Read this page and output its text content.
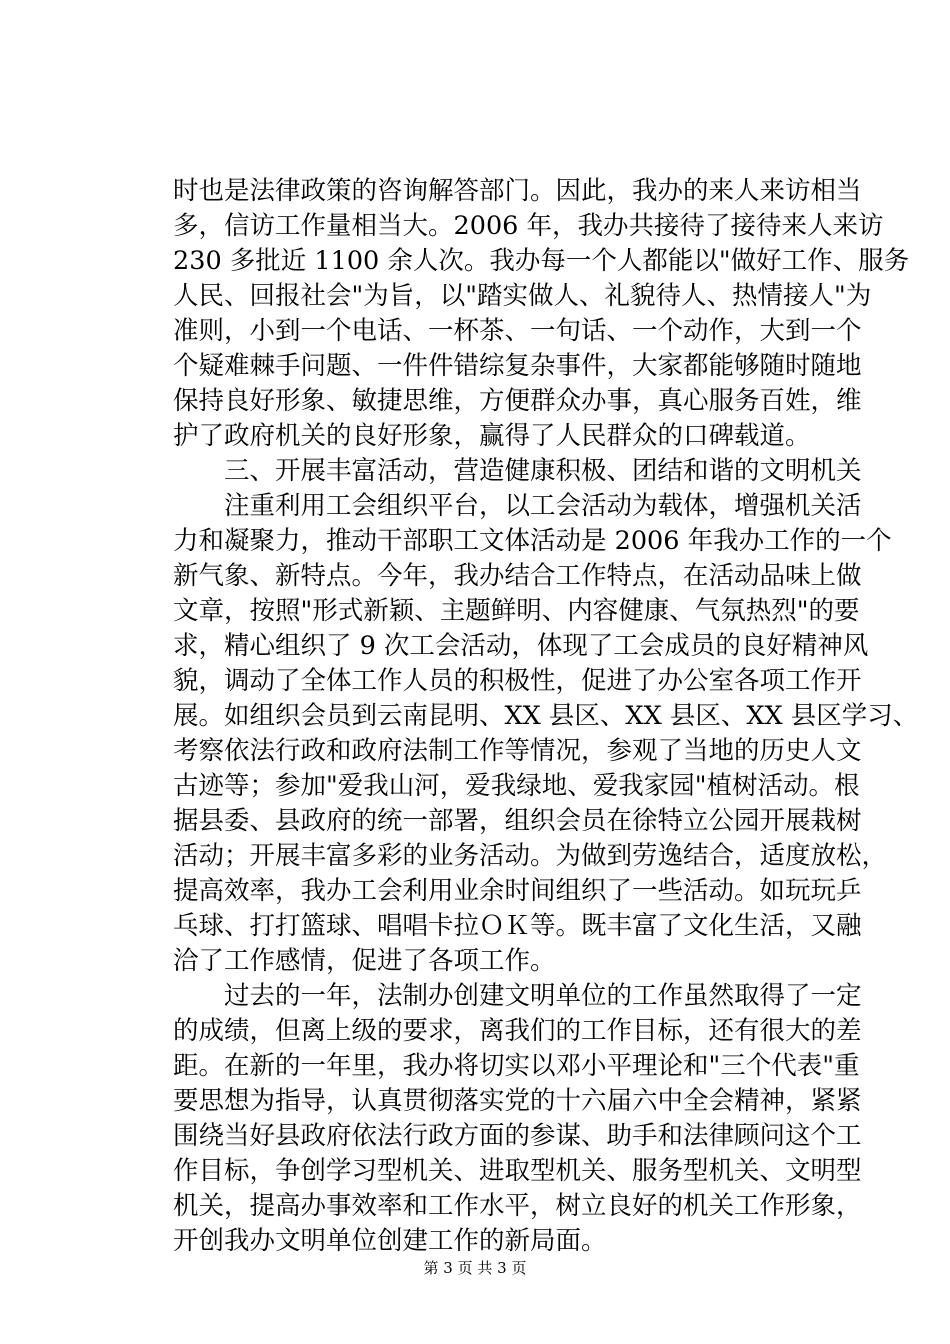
时也是法律政策的咨询解答部门。因此，我办的来人来访相当
多，信访工作量相当大。2006 年，我办共接待了接待来人来访
230 多批近 1100 余人次。我办每一个人都能以"做好工作、服务
人民、回报社会"为旨，以"踏实做人、礼貌待人、热情接人"为
准则，小到一个电话、一杯茶、一句话、一个动作，大到一个
个疑难棘手问题、一件件错综复杂事件，大家都能够随时随地
保持良好形象、敏捷思维，方便群众办事，真心服务百姓，维
护了政府机关的良好形象，赢得了人民群众的口碑载道。
三、开展丰富活动，营造健康积极、团结和谐的文明机关
注重利用工会组织平台，以工会活动为载体，增强机关活
力和凝聚力，推动干部职工文体活动是 2006 年我办工作的一个
新气象、新特点。今年，我办结合工作特点，在活动品味上做
文章，按照"形式新颖、主题鲜明、内容健康、气氛热烈"的要
求，精心组织了 9 次工会活动，体现了工会成员的良好精神风
貌，调动了全体工作人员的积极性，促进了办公室各项工作开
展。如组织会员到云南昆明、XX 县区、XX 县区、XX 县区学习、
考察依法行政和政府法制工作等情况，参观了当地的历史人文
古迹等；参加"爱我山河，爱我绿地、爱我家园"植树活动。根
据县委、县政府的统一部署，组织会员在徐特立公园开展栽树
活动；开展丰富多彩的业务活动。为做到劳逸结合，适度放松，
提高效率，我办工会利用业余时间组织了一些活动。如玩玩乒
乓球、打打篮球、唱唱卡拉ＯＫ等。既丰富了文化生活，又融
洽了工作感情，促进了各项工作。
过去的一年，法制办创建文明单位的工作虽然取得了一定
的成绩，但离上级的要求，离我们的工作目标，还有很大的差
距。在新的一年里，我办将切实以邓小平理论和"三个代表"重
要思想为指导，认真贯彻落实党的十六届六中全会精神，紧紧
围绕当好县政府依法行政方面的参谋、助手和法律顾问这个工
作目标，争创学习型机关、进取型机关、服务型机关、文明型
机关，提高办事效率和工作水平，树立良好的机关工作形象，
开创我办文明单位创建工作的新局面。
第 3 页 共 3 页
